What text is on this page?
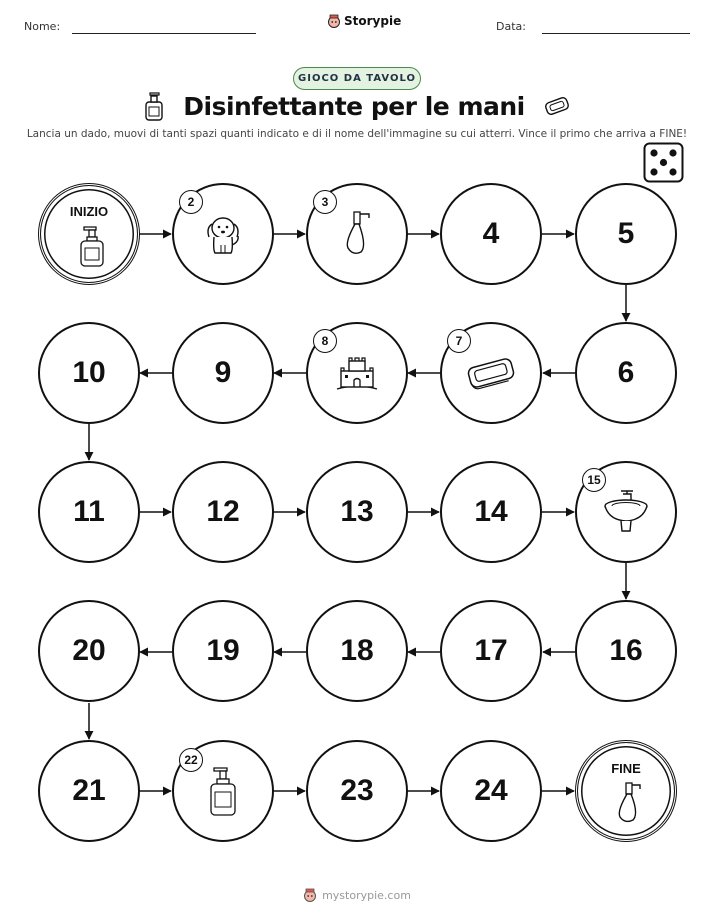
Nome:	Storypie	Data:
GIOCO DA TAVOLO
Disinfettante per le mani
Lancia un dado, muovi di tanti spazi quanti indicato e di il nome dell'immagine su cui atterri. Vince il primo che arriva a FINE!
INIZIO
2	3
4	5
10	9
8	7
6
11	12	13	14
15
20	19	18	17	16
21
22
23	24
FINE
mystorypie.com
